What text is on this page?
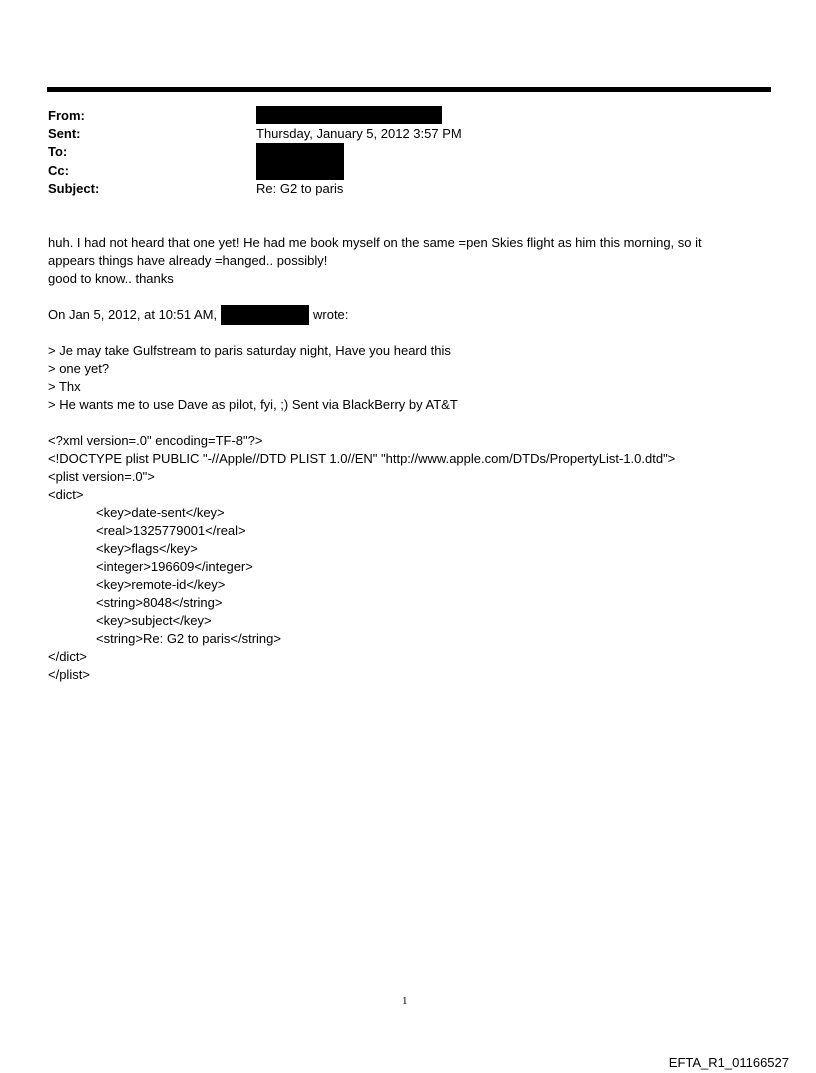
From:
Sent:
To:
Cc:
Subject:
Thursday, January 5, 2012 3:57 PM
Re: G2 to paris
huh. I had not heard that one yet! He had me book myself on the same =pen Skies flight as him this morning, so it
appears things have already =hanged.. possibly!
good to know.. thanks
On Jan 5, 2012, at 10:51 AM,	wrote:
> Je may take Gulfstream to paris saturday night, Have you heard this
> one yet?
> Thx
> He wants me to use Dave as pilot, fyi, ;) Sent via BlackBerry by AT&T
<?xml version=.0" encoding=TF-8"?>
<!DOCTYPE plist PUBLIC "-//Apple//DTD PLIST 1.0//EN" "http://www.apple.com/DTDs/PropertyList-1.0.dtd">
<plist version=.0">
<dict>
<key>date-sent</key>
<real>1325779001</real>
<key>flags</key>
<integer>196609</integer>
<key>remote-id</key>
<string>8048</string>
<key>subject</key>
<string>Re: G2 to paris</string>
</dict>
</plist>
1
EFTA_R1_01166527
